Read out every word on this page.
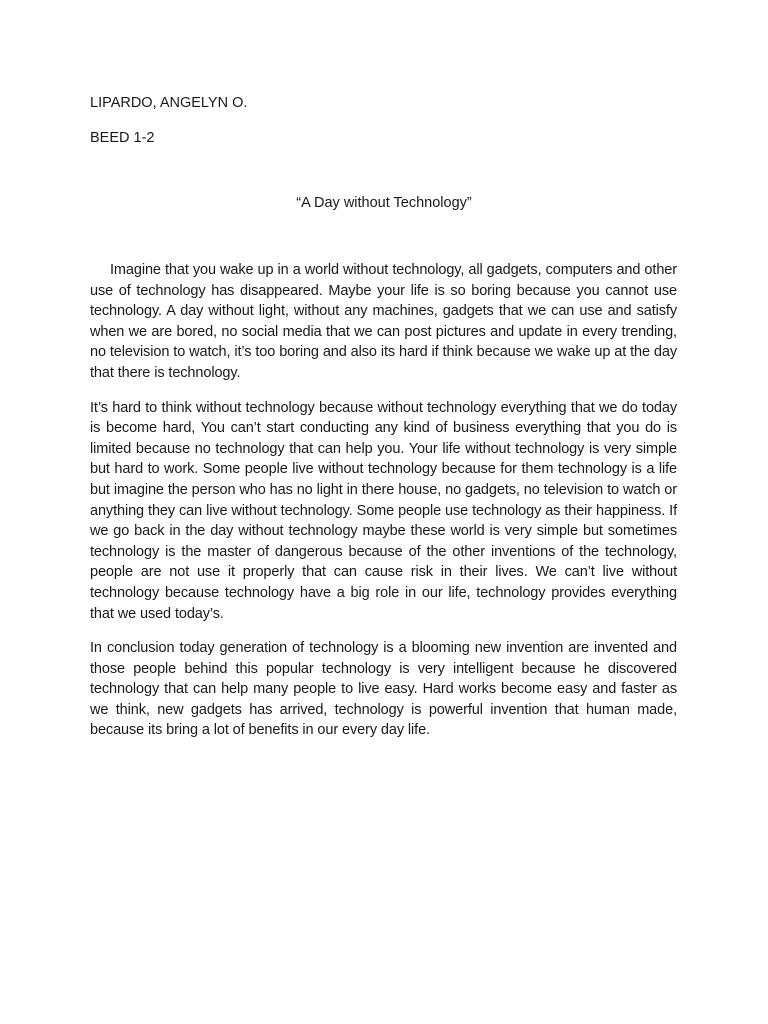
LIPARDO, ANGELYN O.

BEED 1-2

“A Day without Technology”

Imagine that you wake up in a world without technology, all gadgets, computers and other use of technology has disappeared. Maybe your life is so boring because you cannot use technology. A day without light, without any machines, gadgets that we can use and satisfy when we are bored, no social media that we can post pictures and update in every trending, no television to watch, it’s too boring and also its hard if think because we wake up at the day that there is technology.

It’s hard to think without technology because without technology everything that we do today is become hard, You can’t start conducting any kind of business everything that you do is limited because no technology that can help you. Your life without technology is very simple but hard to work. Some people live without technology because for them technology is a life but imagine the person who has no light in there house, no gadgets, no television to watch or anything they can live without technology. Some people use technology as their happiness. If we go back in the day without technology maybe these world is very simple but sometimes technology is the master of dangerous because of the other inventions of the technology, people are not use it properly that can cause risk in their lives. We can’t live without technology because technology have a big role in our life, technology provides everything that we used today’s.

In conclusion today generation of technology is a blooming new invention are invented and those people behind this popular technology is very intelligent because he discovered technology that can help many people to live easy. Hard works become easy and faster as we think, new gadgets has arrived, technology is powerful invention that human made, because its bring a lot of benefits in our every day life.
